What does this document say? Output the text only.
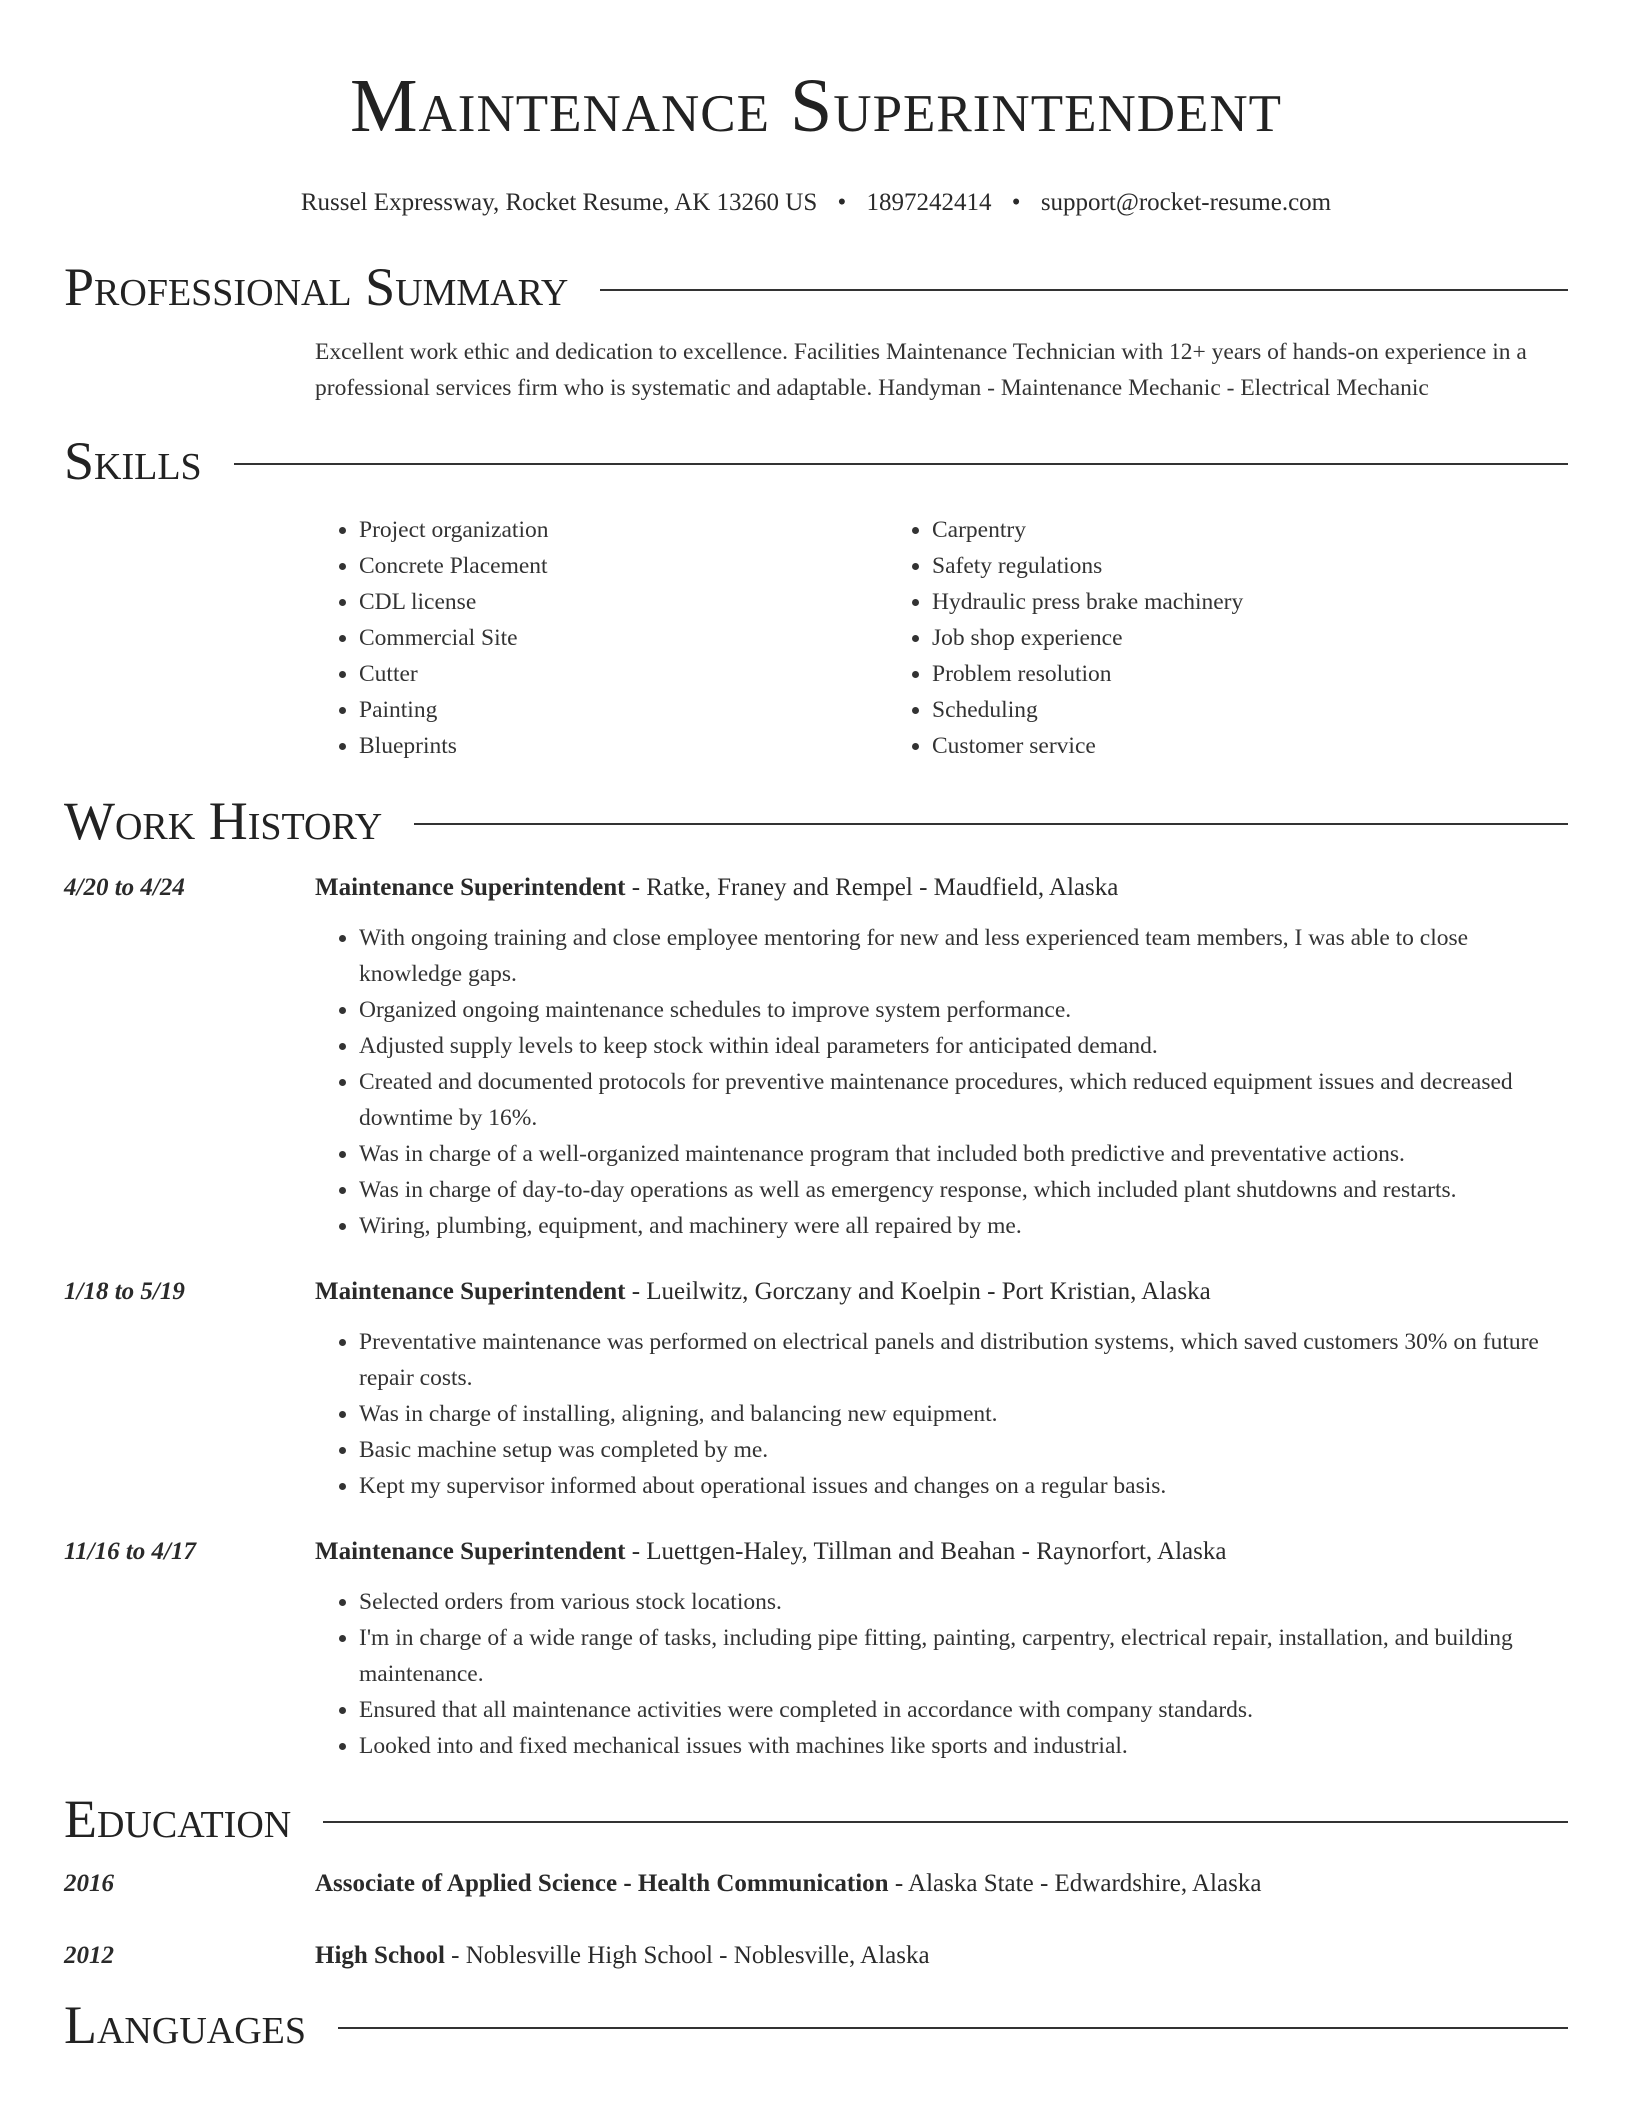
Maintenance Superintendent
Russel Expressway, Rocket Resume, AK 13260 US • 1897242414 • support@rocket-resume.com
Professional Summary
Excellent work ethic and dedication to excellence. Facilities Maintenance Technician with 12+ years of hands-on experience in a professional services firm who is systematic and adaptable. Handyman - Maintenance Mechanic - Electrical Mechanic
Skills
• Project organization
• Concrete Placement
• CDL license
• Commercial Site
• Cutter
• Painting
• Blueprints
• Carpentry
• Safety regulations
• Hydraulic press brake machinery
• Job shop experience
• Problem resolution
• Scheduling
• Customer service
Work History
4/20 to 4/24	Maintenance Superintendent - Ratke, Franey and Rempel - Maudfield, Alaska
• With ongoing training and close employee mentoring for new and less experienced team members, I was able to close knowledge gaps.
• Organized ongoing maintenance schedules to improve system performance.
• Adjusted supply levels to keep stock within ideal parameters for anticipated demand.
• Created and documented protocols for preventive maintenance procedures, which reduced equipment issues and decreased downtime by 16%.
• Was in charge of a well-organized maintenance program that included both predictive and preventative actions.
• Was in charge of day-to-day operations as well as emergency response, which included plant shutdowns and restarts.
• Wiring, plumbing, equipment, and machinery were all repaired by me.
1/18 to 5/19	Maintenance Superintendent - Lueilwitz, Gorczany and Koelpin - Port Kristian, Alaska
• Preventative maintenance was performed on electrical panels and distribution systems, which saved customers 30% on future repair costs.
• Was in charge of installing, aligning, and balancing new equipment.
• Basic machine setup was completed by me.
• Kept my supervisor informed about operational issues and changes on a regular basis.
11/16 to 4/17	Maintenance Superintendent - Luettgen-Haley, Tillman and Beahan - Raynorfort, Alaska
• Selected orders from various stock locations.
• I'm in charge of a wide range of tasks, including pipe fitting, painting, carpentry, electrical repair, installation, and building maintenance.
• Ensured that all maintenance activities were completed in accordance with company standards.
• Looked into and fixed mechanical issues with machines like sports and industrial.
Education
2016	Associate of Applied Science - Health Communication - Alaska State - Edwardshire, Alaska
2012	High School - Noblesville High School - Noblesville, Alaska
Languages
